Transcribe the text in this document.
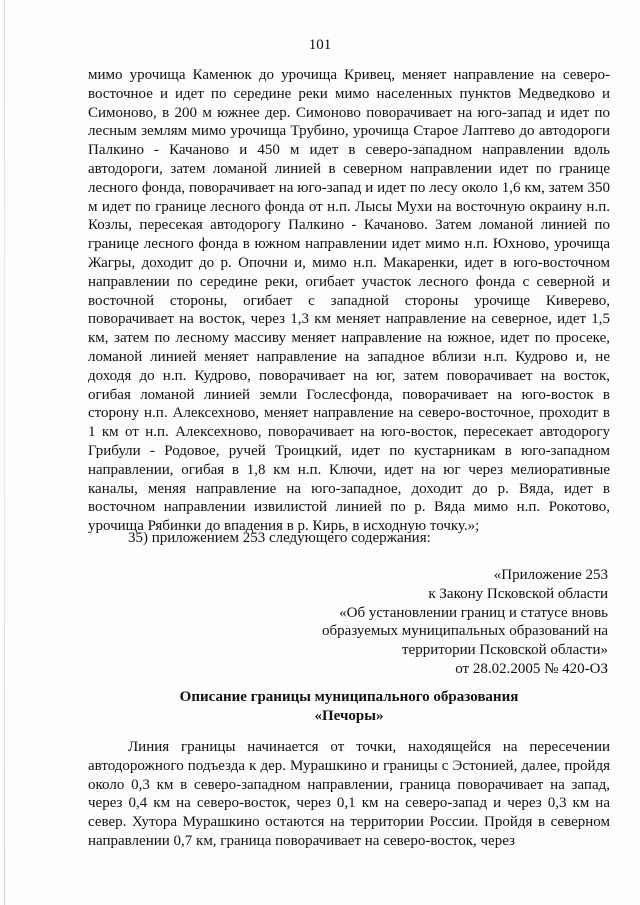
101
мимо урочища Каменюк до урочища Кривец, меняет направление на северо-восточное и идет по середине реки мимо населенных пунктов Медведково и Симоново, в 200 м южнее дер. Симоново поворачивает на юго-запад и идет по лесным землям мимо урочища Трубино, урочища Старое Лаптево до автодороги Палкино - Качаново и 450 м идет в северо-западном направлении вдоль автодороги, затем ломаной линией в северном направлении идет по границе лесного фонда, поворачивает на юго-запад и идет по лесу около 1,6 км, затем 350 м идет по границе лесного фонда от н.п. Лысы Мухи на восточную окраину н.п. Козлы, пересекая автодорогу Палкино - Качаново. Затем ломаной линией по границе лесного фонда в южном направлении идет мимо н.п. Юхново, урочища Жагры, доходит до р. Опочни и, мимо н.п. Макаренки, идет в юго-восточном направлении по середине реки, огибает участок лесного фонда с северной и восточной стороны, огибает с западной стороны урочище Киверево, поворачивает на восток, через 1,3 км меняет направление на северное, идет 1,5 км, затем по лесному массиву меняет направление на южное, идет по просеке, ломаной линией меняет направление на западное вблизи н.п. Кудрово и, не доходя до н.п. Кудрово, поворачивает на юг, затем поворачивает на восток, огибая ломаной линией земли Гослесфонда, поворачивает на юго-восток в сторону н.п. Алексехново, меняет направление на северо-восточное, проходит в 1 км от н.п. Алексехново, поворачивает на юго-восток, пересекает автодорогу Грибули - Родовое, ручей Троицкий, идет по кустарникам в юго-западном направлении, огибая в 1,8 км н.п. Ключи, идет на юг через мелиоративные каналы, меняя направление на юго-западное, доходит до р. Вяда, идет в восточном направлении извилистой линией по р. Вяда мимо н.п. Рокотово, урочища Рябинки до впадения в р. Кирь, в исходную точку.»;
35) приложением 253 следующего содержания:
«Приложение 253
к Закону Псковской области
«Об установлении границ и статусе вновь
образуемых муниципальных образований на
территории Псковской области»
от 28.02.2005 № 420-ОЗ
Описание границы муниципального образования
«Печоры»
Линия границы начинается от точки, находящейся на пересечении автодорожного подъезда к дер. Мурашкино и границы с Эстонией, далее, пройдя около 0,3 км в северо-западном направлении, граница поворачивает на запад, через 0,4 км на северо-восток, через 0,1 км на северо-запад и через 0,3 км на север. Хутора Мурашкино остаются на территории России. Пройдя в северном направлении 0,7 км, граница поворачивает на северо-восток, через
